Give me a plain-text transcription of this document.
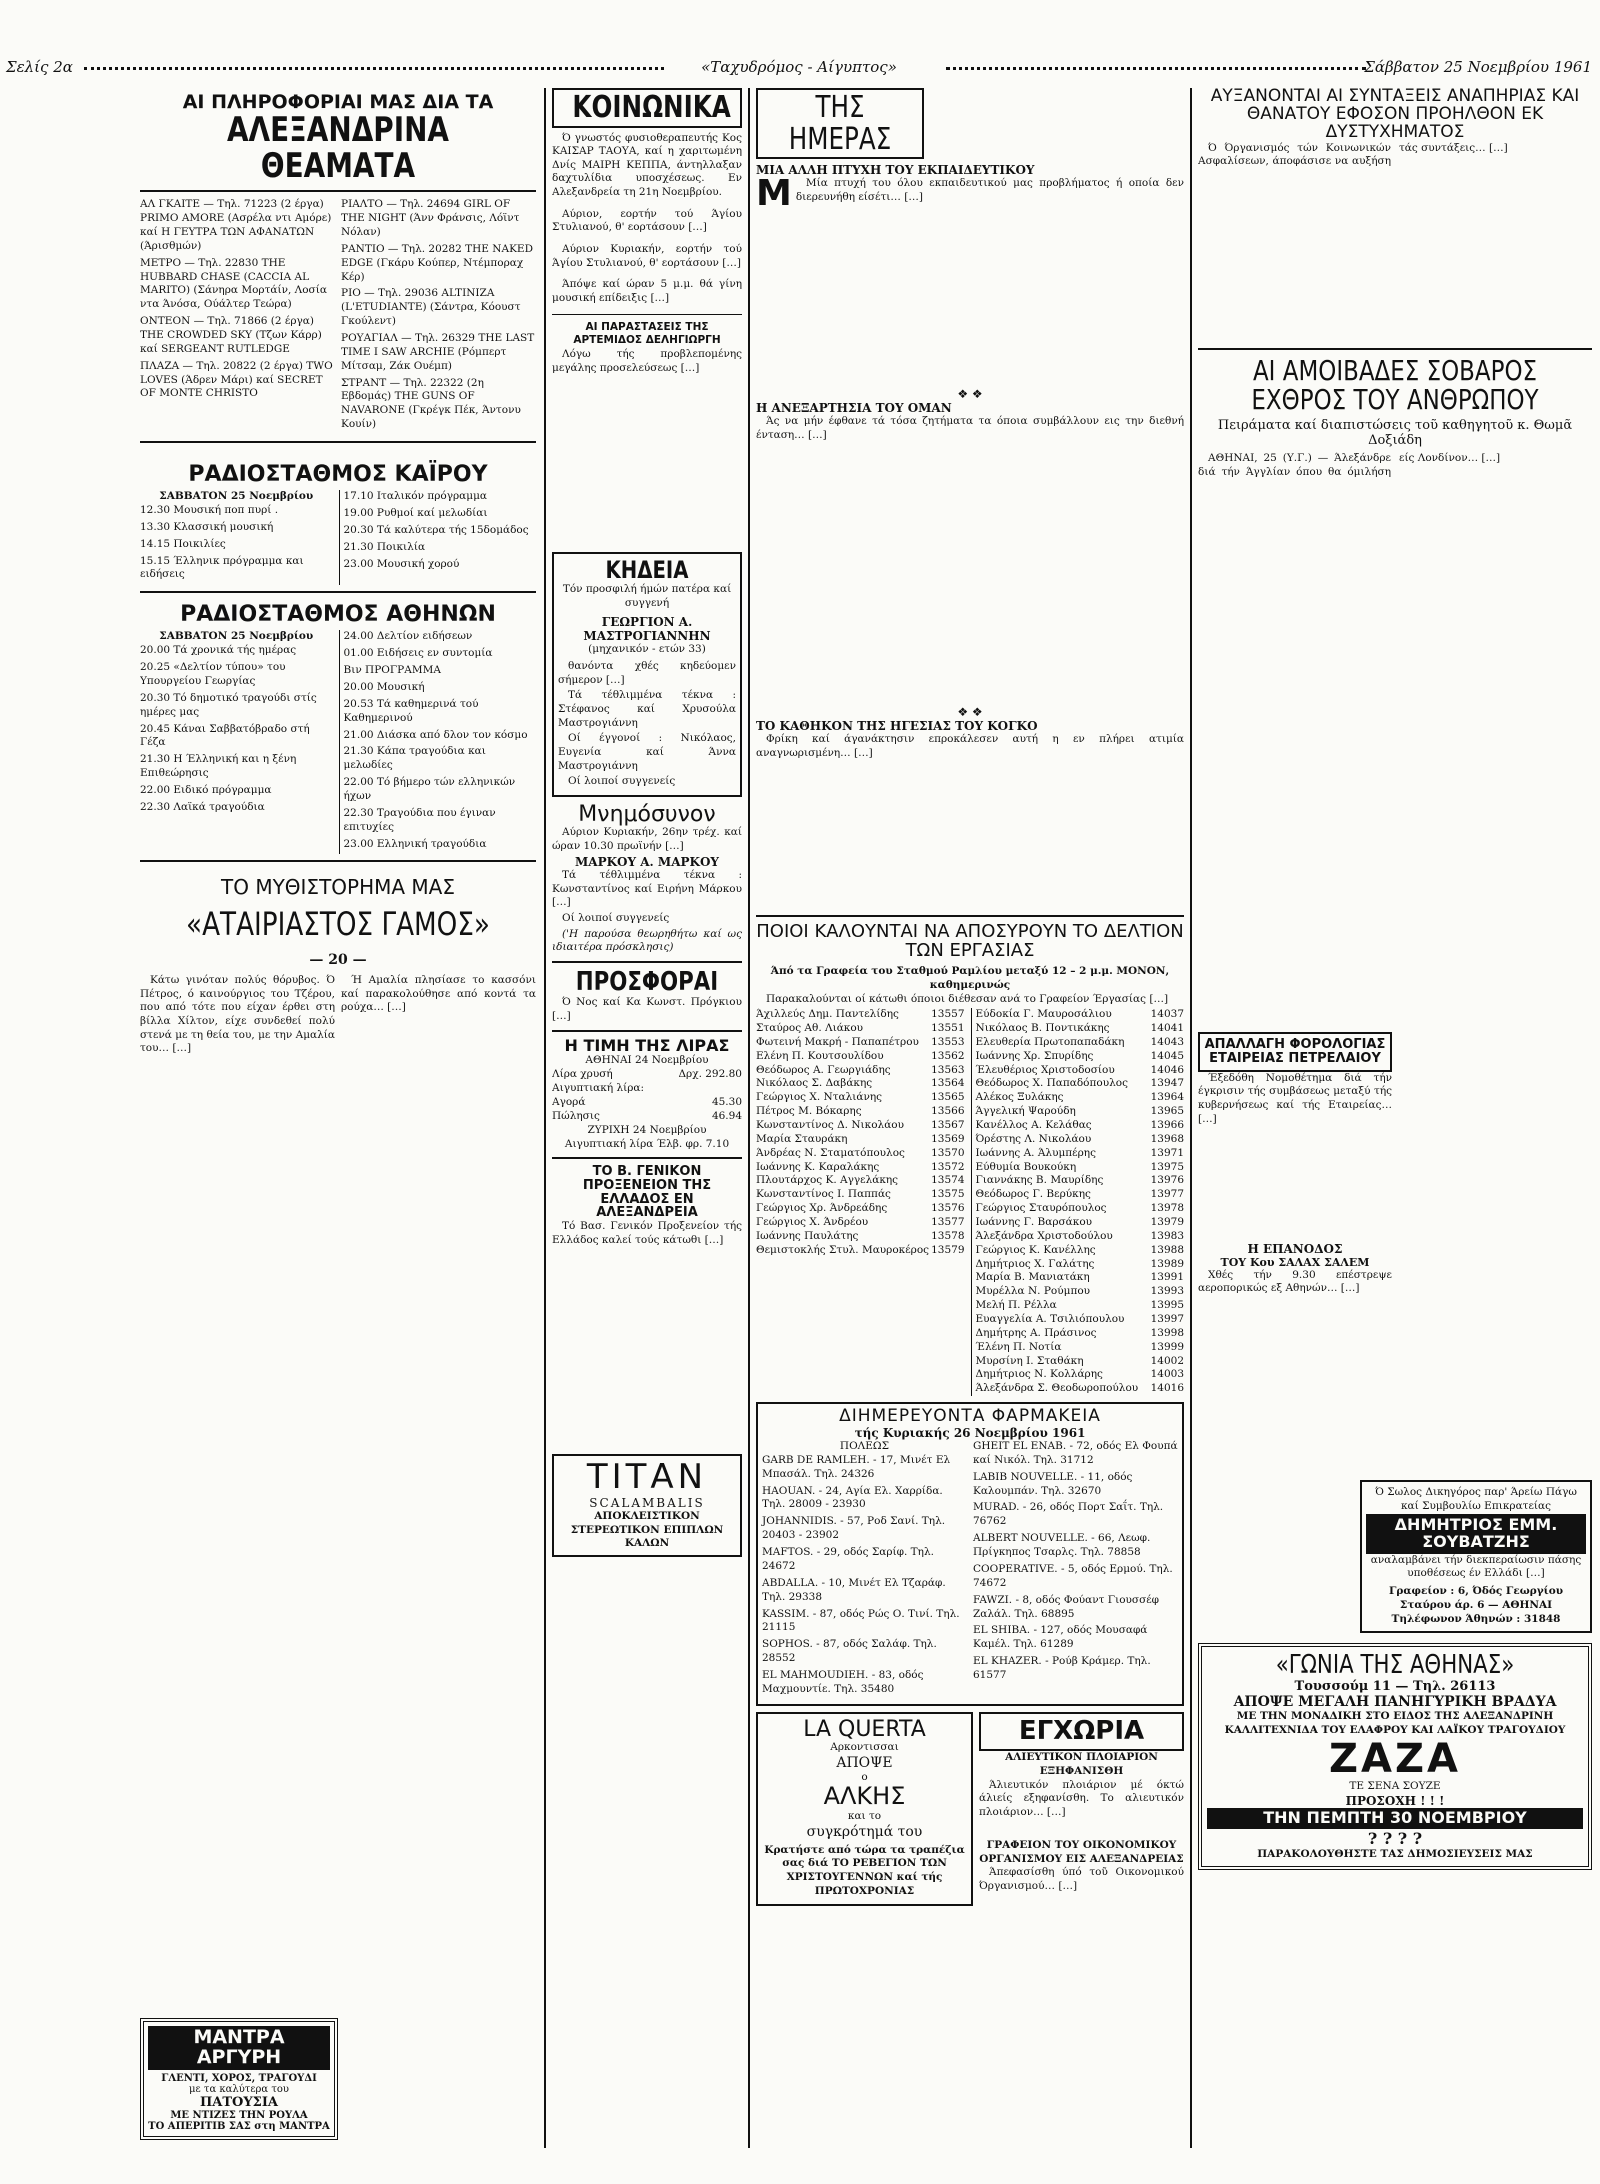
Σελίς 2α	«Ταχυδρόμος - Αίγυπτος»	Σάββατον 25 Νοεμβρίου 1961
ΑΙ ΠΛΗΡΟΦΟΡΙΑΙ ΜΑΣ ΔΙΑ ΤΑ
ΑΛΕΞΑΝΔΡΙΝΑ ΘΕΑΜΑΤΑ
ΑΛ ΓΚΑΙΤΕ — Τηλ. 71223 (2 έργα) PRIMO AMORE (Ασρέλα ντι Αμόρε) καί Η ΓΕΥΤΡΑ ΤΩΝ ΑΦΑΝΑΤΩΝ (Άρισθμών)
ΜΕΤΡΟ — Τηλ. 22830 THE HUBBARD CHASE (CACCIA AL MARITO) (Σάνηρα Μορτάίν, Λοσία ντα Άνόσα, Ούάλτερ Τεώρα)
ΟΝΤΕΟΝ — Τηλ. 71866 (2 έργα) THE CROWDED SKY (Τζων Κάρρ) καί SERGEANT RUTLEDGE
ΠΛΑΖΑ — Τηλ. 20822 (2 έργα) TWO LOVES (Άδρεν Μάρι) καί SECRET OF MONTE CHRISTO
ΡΙΑΛΤΟ — Τηλ. 24694 GIRL OF THE NIGHT (Άνν Φράνσις, Λόϊντ Νόλαν)
ΡΑΝΤΙΟ — Τηλ. 20282 THE NAKED EDGE (Γκάρυ Κούπερ, Ντέμποραχ Κέρ)
ΡΙΟ — Τηλ. 29036 ALTINIZA (L'ETUDIANTE) (Σάντρα, Κόουστ Γκούλεντ)
ΡΟΥΑΓΙΑΛ — Τηλ. 26329 THE LAST TIME I SAW ARCHIE (Ρόμπερτ Μίτσαμ, Ζάκ Ουέμπ)
ΣΤΡΑΝΤ — Τηλ. 22322 (2η Εβδομάς) THE GUNS OF NAVARONE (Γκρέγκ Πέκ, Άντονυ Κουίν)
ΡΑΔΙΟΣΤΑΘΜΟΣ ΚΑΪΡΟΥ
ΣΑΒΒΑΤΟΝ 25 Νοεμβρίου
12.30 Μουσική ποπ πυρί .
13.30 Κλασσική μουσική
14.15 Ποικιλίες
15.15 Έλληνικ πρόγραμμα και ειδήσεις
17.10 Ιταλικόν πρόγραμμα
19.00 Ρυθμοί καί μελωδίαι
20.30 Τά καλύτερα τής 15δομάδος
21.30 Ποικιλία
23.00 Μουσική χορού
ΡΑΔΙΟΣΤΑΘΜΟΣ ΑΘΗΝΩΝ
ΣΑΒΒΑΤΟΝ 25 Νοεμβρίου
20.00 Τά χρονικά τής ημέρας
20.25 «Δελτίον τύπου» του Υπουργείου Γεωργίας
20.30 Τό δημοτικό τραγούδι στίς ημέρες μας
20.45 Κάναι Σαββατόβραδο στή Γέζα
21.30 Η Έλληνική και η ξένη Επιθεώρησις
22.00 Ειδικό πρόγραμμα
22.30 Λαϊκά τραγούδια
24.00 Δελτίον ειδήσεων
01.00 Ειδήσεις εν συντομία
Βιν ΠΡΟΓΡΑΜΜΑ
20.00 Μουσική
20.53 Τά καθημερινά τού Καθημερινού
21.00 Διάσκα από δλον τον κόσμο
21.30 Κάπα τραγούδια και μελωδίες
22.00 Τό βήμερο τών ελληνικών ήχων
22.30 Τραγούδια που έγιναν επιτυχίες
23.00 Ελληνική τραγούδια
ΤΟ ΜΥΘΙΣΤΟΡΗΜΑ ΜΑΣ
«ΑΤΑΙΡΙΑΣΤΟΣ ΓΑΜΟΣ»
— 20 —

Κάτω γινόταν πολύς θόρυβος. Ό Πέτρος, ό καινούργιος του Τζέρου, που από τότε που είχαν έρθει στη βίλλα Χίλτον, είχε συνδεθεί πολύ στενά με τη θεία του, με την Αμαλία του… […]

Ή Αμαλία πλησίασε το κασσόνι καί παρακολούθησε από κοντά τα ρούχα… […]

ΜΑΝΤΡΑ ΑΡΓΥΡΗ
ΓΛΕΝΤΙ, ΧΟΡΟΣ, ΤΡΑΓΟΥΔΙ
με τα καλύτερα του
ΠΑΤΟΥΣΙΑ
ΜΕ ΝΤΙΖΕΣ ΤΗΝ ΡΟΥΛΑ
ΤΟ ΑΠΕΡΙΤΙΒ ΣΑΣ στη ΜΑΝΤΡΑ
ΚΟΙΝΩΝΙΚΑ

Ό γνωστός φυσιοθεραπευτής Κος ΚΑΙΣΑΡ ΤΑΟΥΑ, καί η χαριτωμένη Δνίς ΜΑΙΡΗ ΚΕΠΠΑ, άντηλλαξαν δαχτυλίδια υποσχέσεως. Εν Αλεξανδρεία τη 21η Νοεμβρίου.

Αύριον, εορτήν τού Άγίου Στυλιανού, θ' εορτάσουν […]

Αύριον Κυριακήν, εορτήν τού Άγίου Στυλιανού, θ' εορτάσουν […]

Άπόψε καί ώραν 5 μ.μ. θά γίνη μουσική επίδειξις […]

ΑΙ ΠΑΡΑΣΤΑΣΕΙΣ ΤΗΣ ΑΡΤΕΜΙΔΟΣ ΔΕΛΗΓΙΩΡΓΗ

Λόγω τής προβλεπομένης μεγάλης προσελεύσεως […]

ΚΗΔΕΙΑ
Τόν προσφιλή ήμών πατέρα καί συγγενή
ΓΕΩΡΓΙΟΝ Α. ΜΑΣΤΡΟΓΙΑΝΝΗΝ
(μηχανικόν - ετών 33)

θανόντα χθές κηδεύομεν σήμερον […]

Τά τέθλιμμένα τέκνα : Στέφανος καί Χρυσούλα Μαστρογιάννη

Οί έγγονοί : Νικόλαος, Ευγενία καί Άννα Μαστρογιάννη

Οί λοιποί συγγενείς

Μνημόσυνον

Αύριον Κυριακήν, 26ην τρέχ. καί ώραν 10.30 πρωϊνήν […]

ΜΑΡΚΟΥ Α. ΜΑΡΚΟΥ

Τά τέθλιμμένα τέκνα : Κωνσταντίνος καί Ειρήνη Μάρκου […]

Οί λοιποί συγγενείς

('Η παρούσα θεωρηθήτω καί ως ιδιαιτέρα πρόσκλησις)

ΠΡΟΣΦΟΡΑΙ

Ό Νος καί Κα Κωνστ. Πρόγκιου […]

Η ΤΙΜΗ ΤΗΣ ΛΙΡΑΣ
ΑΘΗΝΑΙ 24 Νοεμβρίου
Λίρα χρυσή	Δρχ. 292.80
Αιγυπτιακή λίρα:
Αγορά	45.30
Πώλησις	46.94
ΖΥΡΙΧΗ 24 Νοεμβρίου
Αιγυπτιακή λίρα Έλβ. φρ. 7.10
ΤΟ Β. ΓΕΝΙΚΟΝ ΠΡΟΞΕΝΕΙΟΝ ΤΗΣ ΕΛΛΑΔΟΣ ΕΝ ΑΛΕΞΑΝΔΡΕΙΑ

Τό Βασ. Γενικόν Προξενείον τής Ελλάδος καλεί τούς κάτωθι […]

ΤΙΤΑΝ
SCALAMBALIS
ΑΠΟΚΛΕΙΣΤΙΚΟΝ ΣΤΕΡΕΩΤΙΚΟΝ ΕΠΙΠΛΩΝ ΚΑΛΩΝ
ΤΗΣ ΗΜΕΡΑΣ
ΜΙΑ ΑΛΛΗ ΠΤΥΧΗ ΤΟΥ ΕΚΠΑΙΔΕΥΤΙΚΟΥ
Μ	Μία πτυχή του όλου εκπαιδευτικού μας προβλήματος ή οποία δεν διερευνήθη είσέτι… […]

❖ ❖
Η ΑΝΕΞΑΡΤΗΣΙΑ ΤΟΥ ΟΜΑΝ

Άς να μήν έφθανε τά τόσα ζητήματα τα όποια συμβάλλουν εις την διεθνή ένταση… […]

❖ ❖
ΤΟ ΚΑΘΗΚΟΝ ΤΗΣ ΗΓΕΣΙΑΣ ΤΟΥ ΚΟΓΚΟ

Φρίκη καί άγανάκτησιν επροκάλεσεν αυτή η εν πλήρει ατιμία αναγνωρισμένη… […]

ΠΟΙΟΙ ΚΑΛΟΥΝΤΑΙ ΝΑ ΑΠΟΣΥΡΟΥΝ ΤΟ ΔΕΛΤΙΟΝ ΤΩΝ ΕΡΓΑΣΙΑΣ
Άπό τα Γραφεία του Σταθμού Ραμλίου μεταξύ 12 – 2 μ.μ. ΜΟΝΟΝ, καθημερινώς

Παρακαλούνται οί κάτωθι όποιοι διέθεσαν ανά το Γραφείον Έργασίας […]

Άχιλλεύς Δημ. Παντελίδης	13557
Σταύρος Αθ. Λιάκου	13551
Φωτεινή Μακρή - Παπαπέτρου 13553
Ελένη Π. Κουτσουλίδου	13562
Θεόδωρος Α. Γεωργιάδης	13563
Νικόλαος Σ. Δαβάκης	13564
Γεώργιος Χ. Νταλιάνης	13565
Πέτρος Μ. Βόκαρης	13566
Κωνσταντίνος Δ. Νικολάου	13567
Μαρία Σταυράκη	13569
Άνδρέας Ν. Σταματόπουλος 13570
Ιωάννης Κ. Καραλάκης	13572
Πλουτάρχος Κ. Αγγελάκης	13574
Κωνσταντίνος Ι. Παππάς	13575
Γεώργιος Χρ. Άνδρεάδης	13576
Γεώργιος Χ. Άνδρέου	13577
Ιωάννης Παυλάτης	13578
Θεμιστοκλής Στυλ. Μαυροκέρος 13579
Εύδοκία Γ. Μαυροσάλιου	14037
Νικόλαος Β. Ποντικάκης	14041
Ελευθερία Πρωτοπαπαδάκη 14043
Ιωάννης Χρ. Σπυρίδης	14045
Έλευθέριος Χριστοδοσίου	14046
Θεόδωρος Χ. Παπαδόπουλος 13947
Αλέκος Ξυλάκης	13964
Άγγελική Ψαρούδη	13965
Κανέλλος Α. Κελάθας	13966
Όρέστης Λ. Νικολάου	13968
Ιωάννης Α. Άλυμπέρης	13971
Εύθυμία Βουκούκη	13975
Γιαννάκης Β. Μαυρίδης	13976
Θεόδωρος Γ. Βερύκης	13977
Γεώργιος Σταυρόπουλος	13978
Ιωάννης Γ. Βαρσάκου	13979
Άλεξάνδρα Χριστοδούλου	13983
Γεώργιος Κ. Κανέλλης	13988
Δημήτριος Χ. Γαλάτης	13989
Μαρία Β. Μανιατάκη	13991
Μυρέλλα Ν. Ρούμπου	13993
Μελή Π. Ρέλλα	13995
Ευαγγελία Α. Τσιλιόπουλου 13997
Δημήτρης Α. Πράσινος	13998
Έλένη Π. Νοτία	13999
Μυρσίνη Ι. Σταθάκη	14002
Δημήτριος Ν. Κολλάρης	14003
Άλεξάνδρα Σ. Θεοδωροπούλου 14016
ΔΙΗΜΕΡΕΥΟΝΤΑ ΦΑΡΜΑΚΕΙΑ
τής Κυριακής 26 Νοεμβρίου 1961
ΠΟΛΕΩΣ
GARB DE RAMLEH. - 17, Μινέτ Ελ Μπασάλ. Τηλ. 24326
HAOUAN. - 24, Αγία Ελ. Χαρρίδα. Τηλ. 28009 - 23930
JOHANNIDIS. - 57, Ροδ Σανί. Τηλ. 20403 - 23902
MAFTOS. - 29, οδός Σαρίφ. Τηλ. 24672
ABDALLA. - 10, Μινέτ Ελ Τζαράφ. Τηλ. 29338
KASSIM. - 87, οδός Ρώς Ο. Τινί. Τηλ. 21115
SOPHOS. - 87, οδός Σαλάφ. Τηλ. 28552
EL MAHMOUDIEH. - 83, οδός Μαχμουντίε. Τηλ. 35480
GHEIT EL ENAB. - 72, οδός Ελ Φουπά καί Νικόλ. Τηλ. 31712
LABIB NOUVELLE. - 11, οδός Καλουμπάν. Τηλ. 32670
MURAD. - 26, οδός Πορτ Σαΐτ. Τηλ. 76762
ALBERT NOUVELLE. - 66, Λεωφ. Πρίγκηπος Τσαρλς. Τηλ. 78858
COOPERATIVE. - 5, οδός Ερμού. Τηλ. 74672
FAWZI. - 8, οδός Φούαντ Γιουσσέφ Ζαλάλ. Τηλ. 68895
EL SHIBA. - 127, οδός Μουσαφά Καμέλ. Τηλ. 61289
EL KHAZER. - Ρούβ Κράμερ. Τηλ. 61577
LA QUERTA
Αρκοντισσαι
ΑΠΟΨΕ
ο
ΑΛΚΗΣ
και το
συγκρότημά του
Κρατήστε από τώρα τα τραπέζια σας διά ΤΟ ΡΕΒΕΓΙΟΝ ΤΩΝ ΧΡΙΣΤΟΥΓΕΝΝΩΝ καί τής ΠΡΩΤΟΧΡΟΝΙΑΣ
ΕΓΧΩΡΙΑ
ΑΛΙΕΥΤΙΚΟΝ ΠΛΟΙΑΡΙΟΝ ΕΞΗΦΑΝΙΣΘΗ

Άλιευτικόν πλοιάριον μέ όκτώ άλιείς εξηφανίσθη. Το αλιευτικόν πλοιάριον… […]

ΓΡΑΦΕΙΟΝ ΤΟΥ ΟΙΚΟΝΟΜΙΚΟΥ ΟΡΓΑΝΙΣΜΟΥ ΕΙΣ ΑΛΕΞΑΝΔΡΕΙΑΣ

Άπεφασίσθη ύπό τοῦ Οικονομικού Όργανισμού… […]

ΑΥΞΑΝΟΝΤΑΙ ΑΙ ΣΥΝΤΑΞΕΙΣ ΑΝΑΠΗΡΙΑΣ ΚΑΙ ΘΑΝΑΤΟΥ ΕΦΟΣΟΝ ΠΡΟΗΛΘΟΝ ΕΚ ΔΥΣΤΥΧΗΜΑΤΟΣ

Ό Όργανισμός τών Κοινωνικών Ασφαλίσεων, άποφάσισε να αυξήση τάς συντάξεις… […]

ΑΙ ΑΜΟΙΒΑΔΕΣ ΣΟΒΑΡΟΣ
ΕΧΘΡΟΣ ΤΟΥ ΑΝΘΡΩΠΟΥ
Πειράματα καί διαπιστώσεις τοῦ καθηγητοῦ κ. Θωμᾶ Δοξιάδη

ΑΘΗΝΑΙ, 25 (Υ.Γ.) — Άλεξάνδρε διά τήν Άγγλίαν όπου θα όμιλήση είς Λονδίνον… […]

ΑΠΑΛΛΑΓΗ ΦΟΡΟΛΟΓΙΑΣ ΕΤΑΙΡΕΙΑΣ ΠΕΤΡΕΛΑΙΟΥ

Έξεδόθη Νομοθέτημα διά τήν έγκρισιν τής συμβάσεως μεταξύ τής κυβερνήσεως καί τής Εταιρείας… […]

Η ΕΠΑΝΟΔΟΣ
ΤΟΥ Κου ΣΑΛΑΧ ΣΑΛΕΜ

Χθές τήν 9.30 επέστρεψε αεροπορικώς εξ Αθηνών… […]

Ό Σωλος Δικηγόρος παρ' Άρείω Πάγω καί Συμβουλίω Επικρατείας
ΔΗΜΗΤΡΙΟΣ ΕΜΜ. ΣΟΥΒΑΤΖΗΣ
αναλαμβάνει τήν διεκπεραίωσιν πάσης υποθέσεως έν Ελλάδι […]
Γραφείον : 6, Όδός Γεωργίου Σταύρου άρ. 6 — ΑΘΗΝΑΙ Τηλέφωνον Άθηνών : 31848
«ΓΩΝΙΑ ΤΗΣ ΑΘΗΝΑΣ»
Τουσσούμ 11 — Τηλ. 26113
ΑΠΟΨΕ ΜΕΓΑΛΗ ΠΑΝΗΓΥΡΙΚΗ ΒΡΑΔΥΑ
ΜΕ ΤΗΝ ΜΟΝΑΔΙΚΗ ΣΤΟ ΕΙΔΟΣ ΤΗΣ ΑΛΕΞΑΝΔΡΙΝΗ ΚΑΛΛΙΤΕΧΝΙΔΑ ΤΟΥ ΕΛΑΦΡΟΥ ΚΑΙ ΛΑΪΚΟΥ ΤΡΑΓΟΥΔΙΟΥ
ΖΑΖΑ
ΤΕ ΣΕΝΑ ΣΟΥΖΕ
ΠΡΟΣΟΧΗ ! ! !
ΤΗΝ ΠΕΜΠΤΗ 30 ΝΟΕΜΒΡΙΟΥ
? ? ? ?
ΠΑΡΑΚΟΛΟΥΘΗΣΤΕ ΤΑΣ ΔΗΜΟΣΙΕΥΣΕΙΣ ΜΑΣ
